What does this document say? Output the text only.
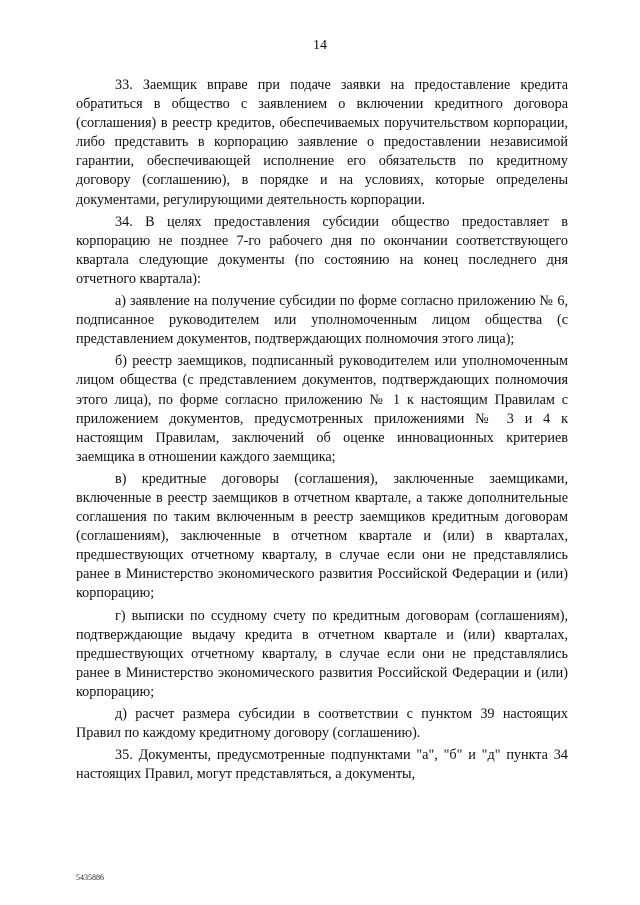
14

33. Заемщик вправе при подаче заявки на предоставление кредита обратиться в общество с заявлением о включении кредитного договора (соглашения) в реестр кредитов, обеспечиваемых поручительством корпорации, либо представить в корпорацию заявление о предоставлении независимой гарантии, обеспечивающей исполнение его обязательств по кредитному договору (соглашению), в порядке и на условиях, которые определены документами, регулирующими деятельность корпорации.

34. В целях предоставления субсидии общество предоставляет в корпорацию не позднее 7-го рабочего дня по окончании соответствующего квартала следующие документы (по состоянию на конец последнего дня отчетного квартала):

а) заявление на получение субсидии по форме согласно приложению № 6, подписанное руководителем или уполномоченным лицом общества (с представлением документов, подтверждающих полномочия этого лица);

б) реестр заемщиков, подписанный руководителем или уполномоченным лицом общества (с представлением документов, подтверждающих полномочия этого лица), по форме согласно приложению № 1 к настоящим Правилам с приложением документов, предусмотренных приложениями № 3 и 4 к настоящим Правилам, заключений об оценке инновационных критериев заемщика в отношении каждого заемщика;

в) кредитные договоры (соглашения), заключенные заемщиками, включенные в реестр заемщиков в отчетном квартале, а также дополнительные соглашения по таким включенным в реестр заемщиков кредитным договорам (соглашениям), заключенные в отчетном квартале и (или) в кварталах, предшествующих отчетному кварталу, в случае если они не представлялись ранее в Министерство экономического развития Российской Федерации и (или) корпорацию;

г) выписки по ссудному счету по кредитным договорам (соглашениям), подтверждающие выдачу кредита в отчетном квартале и (или) кварталах, предшествующих отчетному кварталу, в случае если они не представлялись ранее в Министерство экономического развития Российской Федерации и (или) корпорацию;

д) расчет размера субсидии в соответствии с пунктом 39 настоящих Правил по каждому кредитному договору (соглашению).

35. Документы, предусмотренные подпунктами "а", "б" и "д" пункта 34 настоящих Правил, могут представляться, а документы,

5435886
